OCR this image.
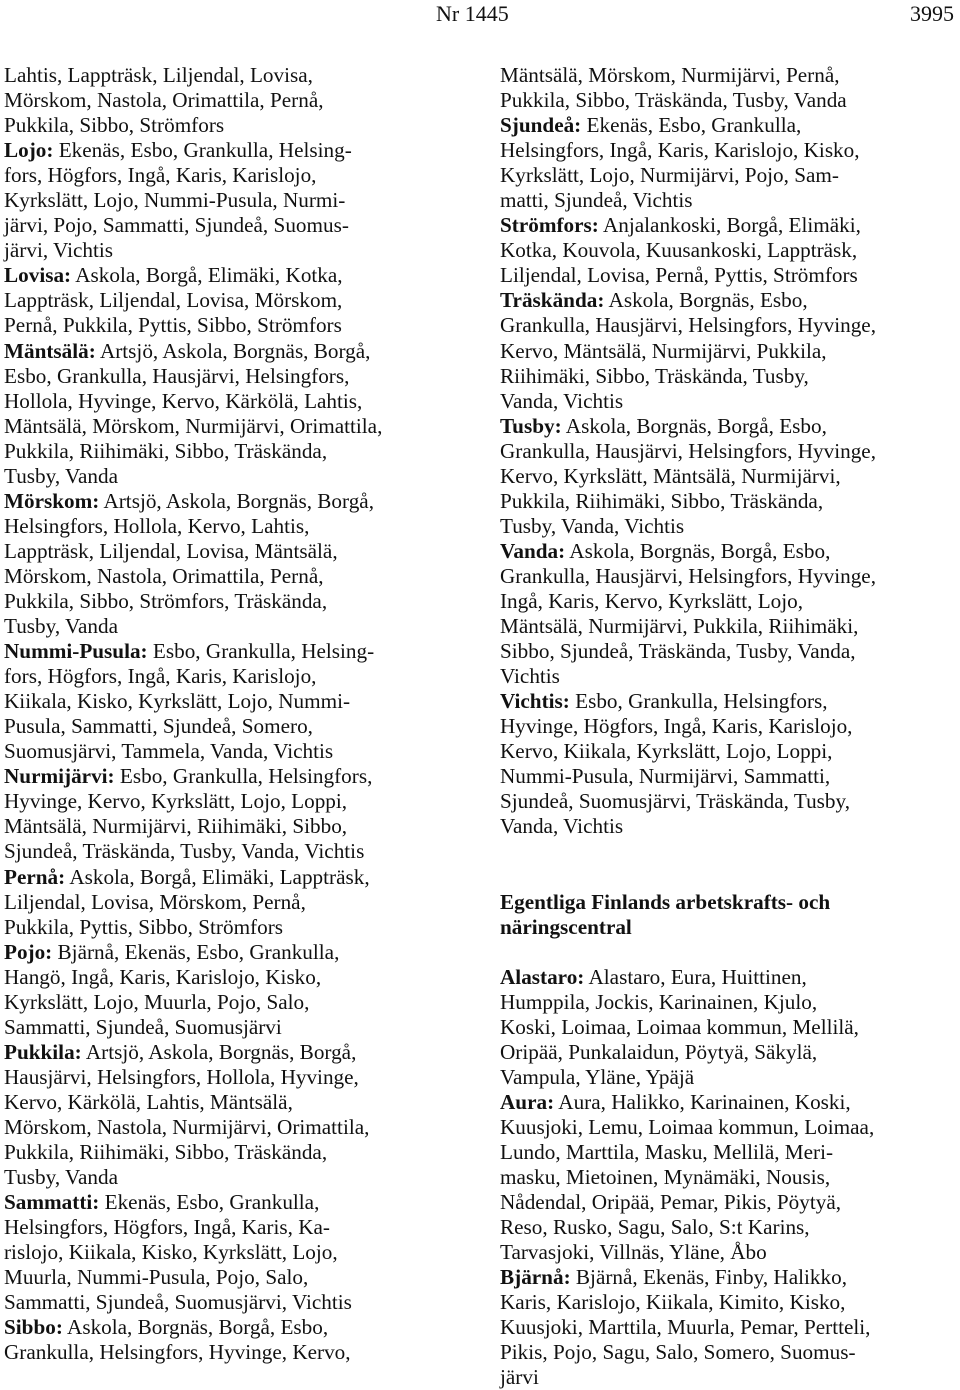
Nr 1445	3995
Lahtis, Lappträsk, Liljendal, Lovisa,
Mörskom, Nastola, Orimattila, Pernå,
Pukkila, Sibbo, Strömfors
Lojo: Ekenäs, Esbo, Grankulla, Helsing-
fors, Högfors, Ingå, Karis, Karislojo,
Kyrkslätt, Lojo, Nummi-Pusula, Nurmi-
järvi, Pojo, Sammatti, Sjundeå, Suomus-
järvi, Vichtis
Lovisa: Askola, Borgå, Elimäki, Kotka,
Lappträsk, Liljendal, Lovisa, Mörskom,
Pernå, Pukkila, Pyttis, Sibbo, Strömfors
Mäntsälä: Artsjö, Askola, Borgnäs, Borgå,
Esbo, Grankulla, Hausjärvi, Helsingfors,
Hollola, Hyvinge, Kervo, Kärkölä, Lahtis,
Mäntsälä, Mörskom, Nurmijärvi, Orimattila,
Pukkila, Riihimäki, Sibbo, Träskända,
Tusby, Vanda
Mörskom: Artsjö, Askola, Borgnäs, Borgå,
Helsingfors, Hollola, Kervo, Lahtis,
Lappträsk, Liljendal, Lovisa, Mäntsälä,
Mörskom, Nastola, Orimattila, Pernå,
Pukkila, Sibbo, Strömfors, Träskända,
Tusby, Vanda
Nummi-Pusula: Esbo, Grankulla, Helsing-
fors, Högfors, Ingå, Karis, Karislojo,
Kiikala, Kisko, Kyrkslätt, Lojo, Nummi-
Pusula, Sammatti, Sjundeå, Somero,
Suomusjärvi, Tammela, Vanda, Vichtis
Nurmijärvi: Esbo, Grankulla, Helsingfors,
Hyvinge, Kervo, Kyrkslätt, Lojo, Loppi,
Mäntsälä, Nurmijärvi, Riihimäki, Sibbo,
Sjundeå, Träskända, Tusby, Vanda, Vichtis
Pernå: Askola, Borgå, Elimäki, Lappträsk,
Liljendal, Lovisa, Mörskom, Pernå,
Pukkila, Pyttis, Sibbo, Strömfors
Pojo: Bjärnå, Ekenäs, Esbo, Grankulla,
Hangö, Ingå, Karis, Karislojo, Kisko,
Kyrkslätt, Lojo, Muurla, Pojo, Salo,
Sammatti, Sjundeå, Suomusjärvi
Pukkila: Artsjö, Askola, Borgnäs, Borgå,
Hausjärvi, Helsingfors, Hollola, Hyvinge,
Kervo, Kärkölä, Lahtis, Mäntsälä,
Mörskom, Nastola, Nurmijärvi, Orimattila,
Pukkila, Riihimäki, Sibbo, Träskända,
Tusby, Vanda
Sammatti: Ekenäs, Esbo, Grankulla,
Helsingfors, Högfors, Ingå, Karis, Ka-
rislojo, Kiikala, Kisko, Kyrkslätt, Lojo,
Muurla, Nummi-Pusula, Pojo, Salo,
Sammatti, Sjundeå, Suomusjärvi, Vichtis
Sibbo: Askola, Borgnäs, Borgå, Esbo,
Grankulla, Helsingfors, Hyvinge, Kervo,
Mäntsälä, Mörskom, Nurmijärvi, Pernå,
Pukkila, Sibbo, Träskända, Tusby, Vanda
Sjundeå: Ekenäs, Esbo, Grankulla,
Helsingfors, Ingå, Karis, Karislojo, Kisko,
Kyrkslätt, Lojo, Nurmijärvi, Pojo, Sam-
matti, Sjundeå, Vichtis
Strömfors: Anjalankoski, Borgå, Elimäki,
Kotka, Kouvola, Kuusankoski, Lappträsk,
Liljendal, Lovisa, Pernå, Pyttis, Strömfors
Träskända: Askola, Borgnäs, Esbo,
Grankulla, Hausjärvi, Helsingfors, Hyvinge,
Kervo, Mäntsälä, Nurmijärvi, Pukkila,
Riihimäki, Sibbo, Träskända, Tusby,
Vanda, Vichtis
Tusby: Askola, Borgnäs, Borgå, Esbo,
Grankulla, Hausjärvi, Helsingfors, Hyvinge,
Kervo, Kyrkslätt, Mäntsälä, Nurmijärvi,
Pukkila, Riihimäki, Sibbo, Träskända,
Tusby, Vanda, Vichtis
Vanda: Askola, Borgnäs, Borgå, Esbo,
Grankulla, Hausjärvi, Helsingfors, Hyvinge,
Ingå, Karis, Kervo, Kyrkslätt, Lojo,
Mäntsälä, Nurmijärvi, Pukkila, Riihimäki,
Sibbo, Sjundeå, Träskända, Tusby, Vanda,
Vichtis
Vichtis: Esbo, Grankulla, Helsingfors,
Hyvinge, Högfors, Ingå, Karis, Karislojo,
Kervo, Kiikala, Kyrkslätt, Lojo, Loppi,
Nummi-Pusula, Nurmijärvi, Sammatti,
Sjundeå, Suomusjärvi, Träskända, Tusby,
Vanda, Vichtis
Egentliga Finlands arbetskrafts- och
näringscentral
Alastaro: Alastaro, Eura, Huittinen,
Humppila, Jockis, Karinainen, Kjulo,
Koski, Loimaa, Loimaa kommun, Mellilä,
Oripää, Punkalaidun, Pöytyä, Säkylä,
Vampula, Yläne, Ypäjä
Aura: Aura, Halikko, Karinainen, Koski,
Kuusjoki, Lemu, Loimaa kommun, Loimaa,
Lundo, Marttila, Masku, Mellilä, Meri-
masku, Mietoinen, Mynämäki, Nousis,
Nådendal, Oripää, Pemar, Pikis, Pöytyä,
Reso, Rusko, Sagu, Salo, S:t Karins,
Tarvasjoki, Villnäs, Yläne, Åbo
Bjärnå: Bjärnå, Ekenäs, Finby, Halikko,
Karis, Karislojo, Kiikala, Kimito, Kisko,
Kuusjoki, Marttila, Muurla, Pemar, Pertteli,
Pikis, Pojo, Sagu, Salo, Somero, Suomus-
järvi
